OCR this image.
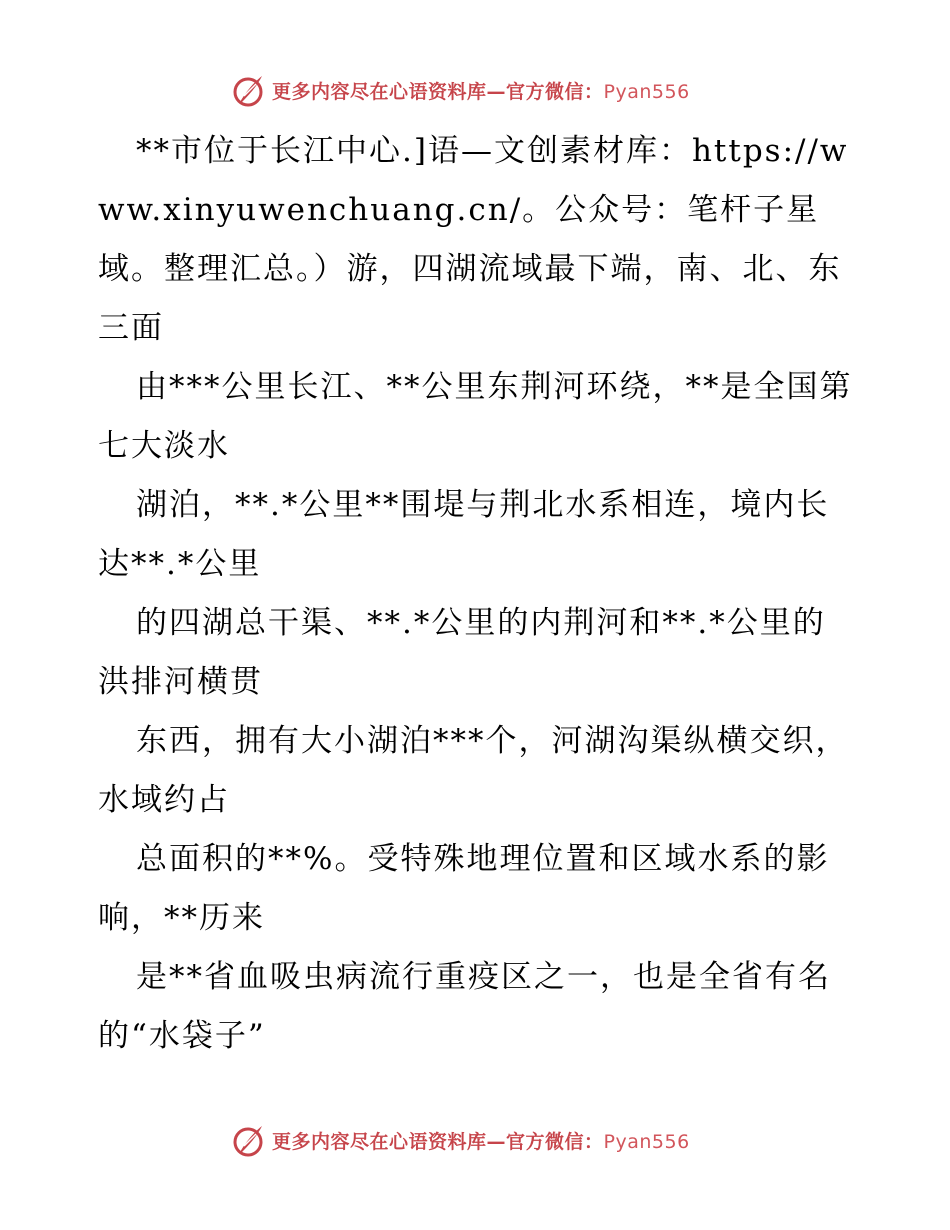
更多内容尽在心语资料库—官方微信：Pyan556

**市位于长江中心.]语—文创素材库：https://www.xinyuwenchuang.cn/。公众号：笔杆子星域。整理汇总。）游，四湖流域最下端，南、北、东三面

由***公里长江、**公里东荆河环绕，**是全国第七大淡水

湖泊，**.*公里**围堤与荆北水系相连，境内长达**.*公里

的四湖总干渠、**.*公里的内荆河和**.*公里的洪排河横贯

东西，拥有大小湖泊***个，河湖沟渠纵横交织，水域约占

总面积的**%。受特殊地理位置和区域水系的影响，**历来

是**省血吸虫病流行重疫区之一，也是全省有名的“水袋子”

更多内容尽在心语资料库—官方微信：Pyan556
